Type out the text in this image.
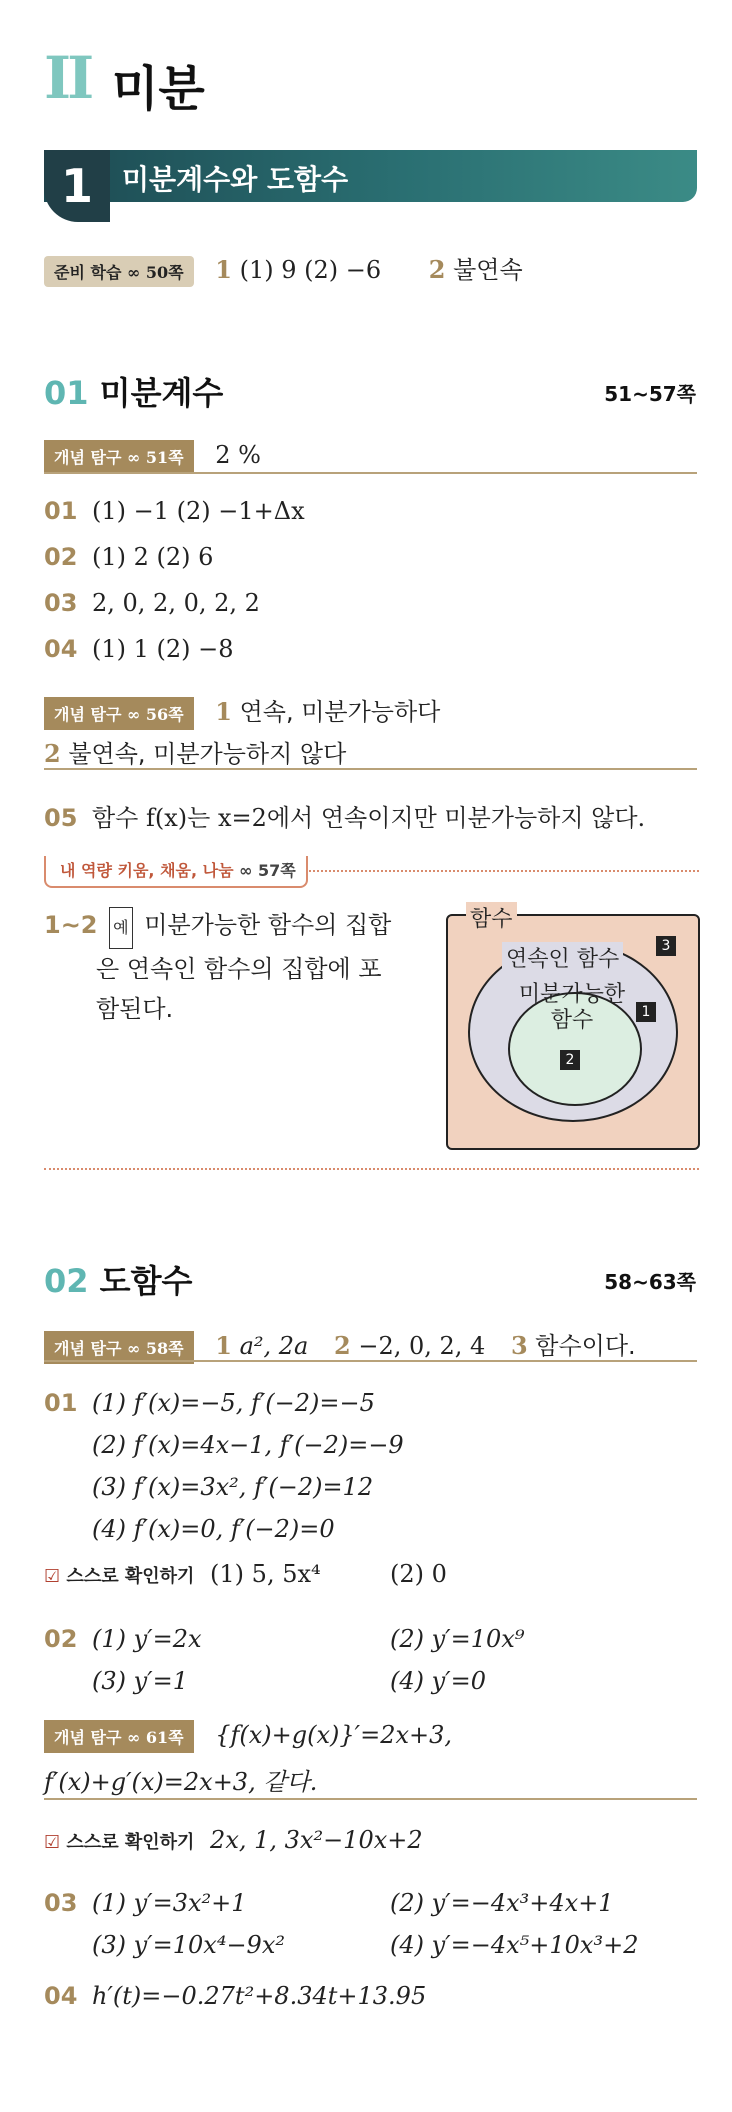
II 미분
1	미분계수와 도함수
준비 학습 ∞ 50쪽 1 (1) 9 (2) −6 2 불연속
01 미분계수	51~57쪽
개념 탐구 ∞ 51쪽 2 %
01 (1) −1 (2) −1+Δx
02 (1) 2 (2) 6
03 2, 0, 2, 0, 2, 2
04 (1) 1 (2) −8
개념 탐구 ∞ 56쪽 1 연속, 미분가능하다
2 불연속, 미분가능하지 않다
05 함수 f(x)는 x=2에서 연속이지만 미분가능하지 않다.
내 역량 키움, 채움, 나눔 ∞ 57쪽
1~2 예 미분가능한 함수의 집합
은 연속인 함수의 집합에 포
함된다.
함수
연속인 함수
미분가능한
함수
2
1
3
02 도함수	58~63쪽
개념 탐구 ∞ 58쪽 1 a², 2a 2 −2, 0, 2, 4 3 함수이다.
01 (1) f′(x)=−5, f′(−2)=−5
(2) f′(x)=4x−1, f′(−2)=−9
(3) f′(x)=3x², f′(−2)=12
(4) f′(x)=0, f′(−2)=0
☑ 스스로 확인하기 (1) 5, 5x⁴	(2) 0
02 (1) y′=2x	(2) y′=10x⁹

(3) y′=1	(4) y′=0
개념 탐구 ∞ 61쪽 {f(x)+g(x)}′=2x+3,
f′(x)+g′(x)=2x+3, 같다.
☑ 스스로 확인하기 2x, 1, 3x²−10x+2
03 (1) y′=3x²+1	(2) y′=−4x³+4x+1

(3) y′=10x⁴−9x²	(4) y′=−4x⁵+10x³+2
04 h′(t)=−0.27t²+8.34t+13.95
